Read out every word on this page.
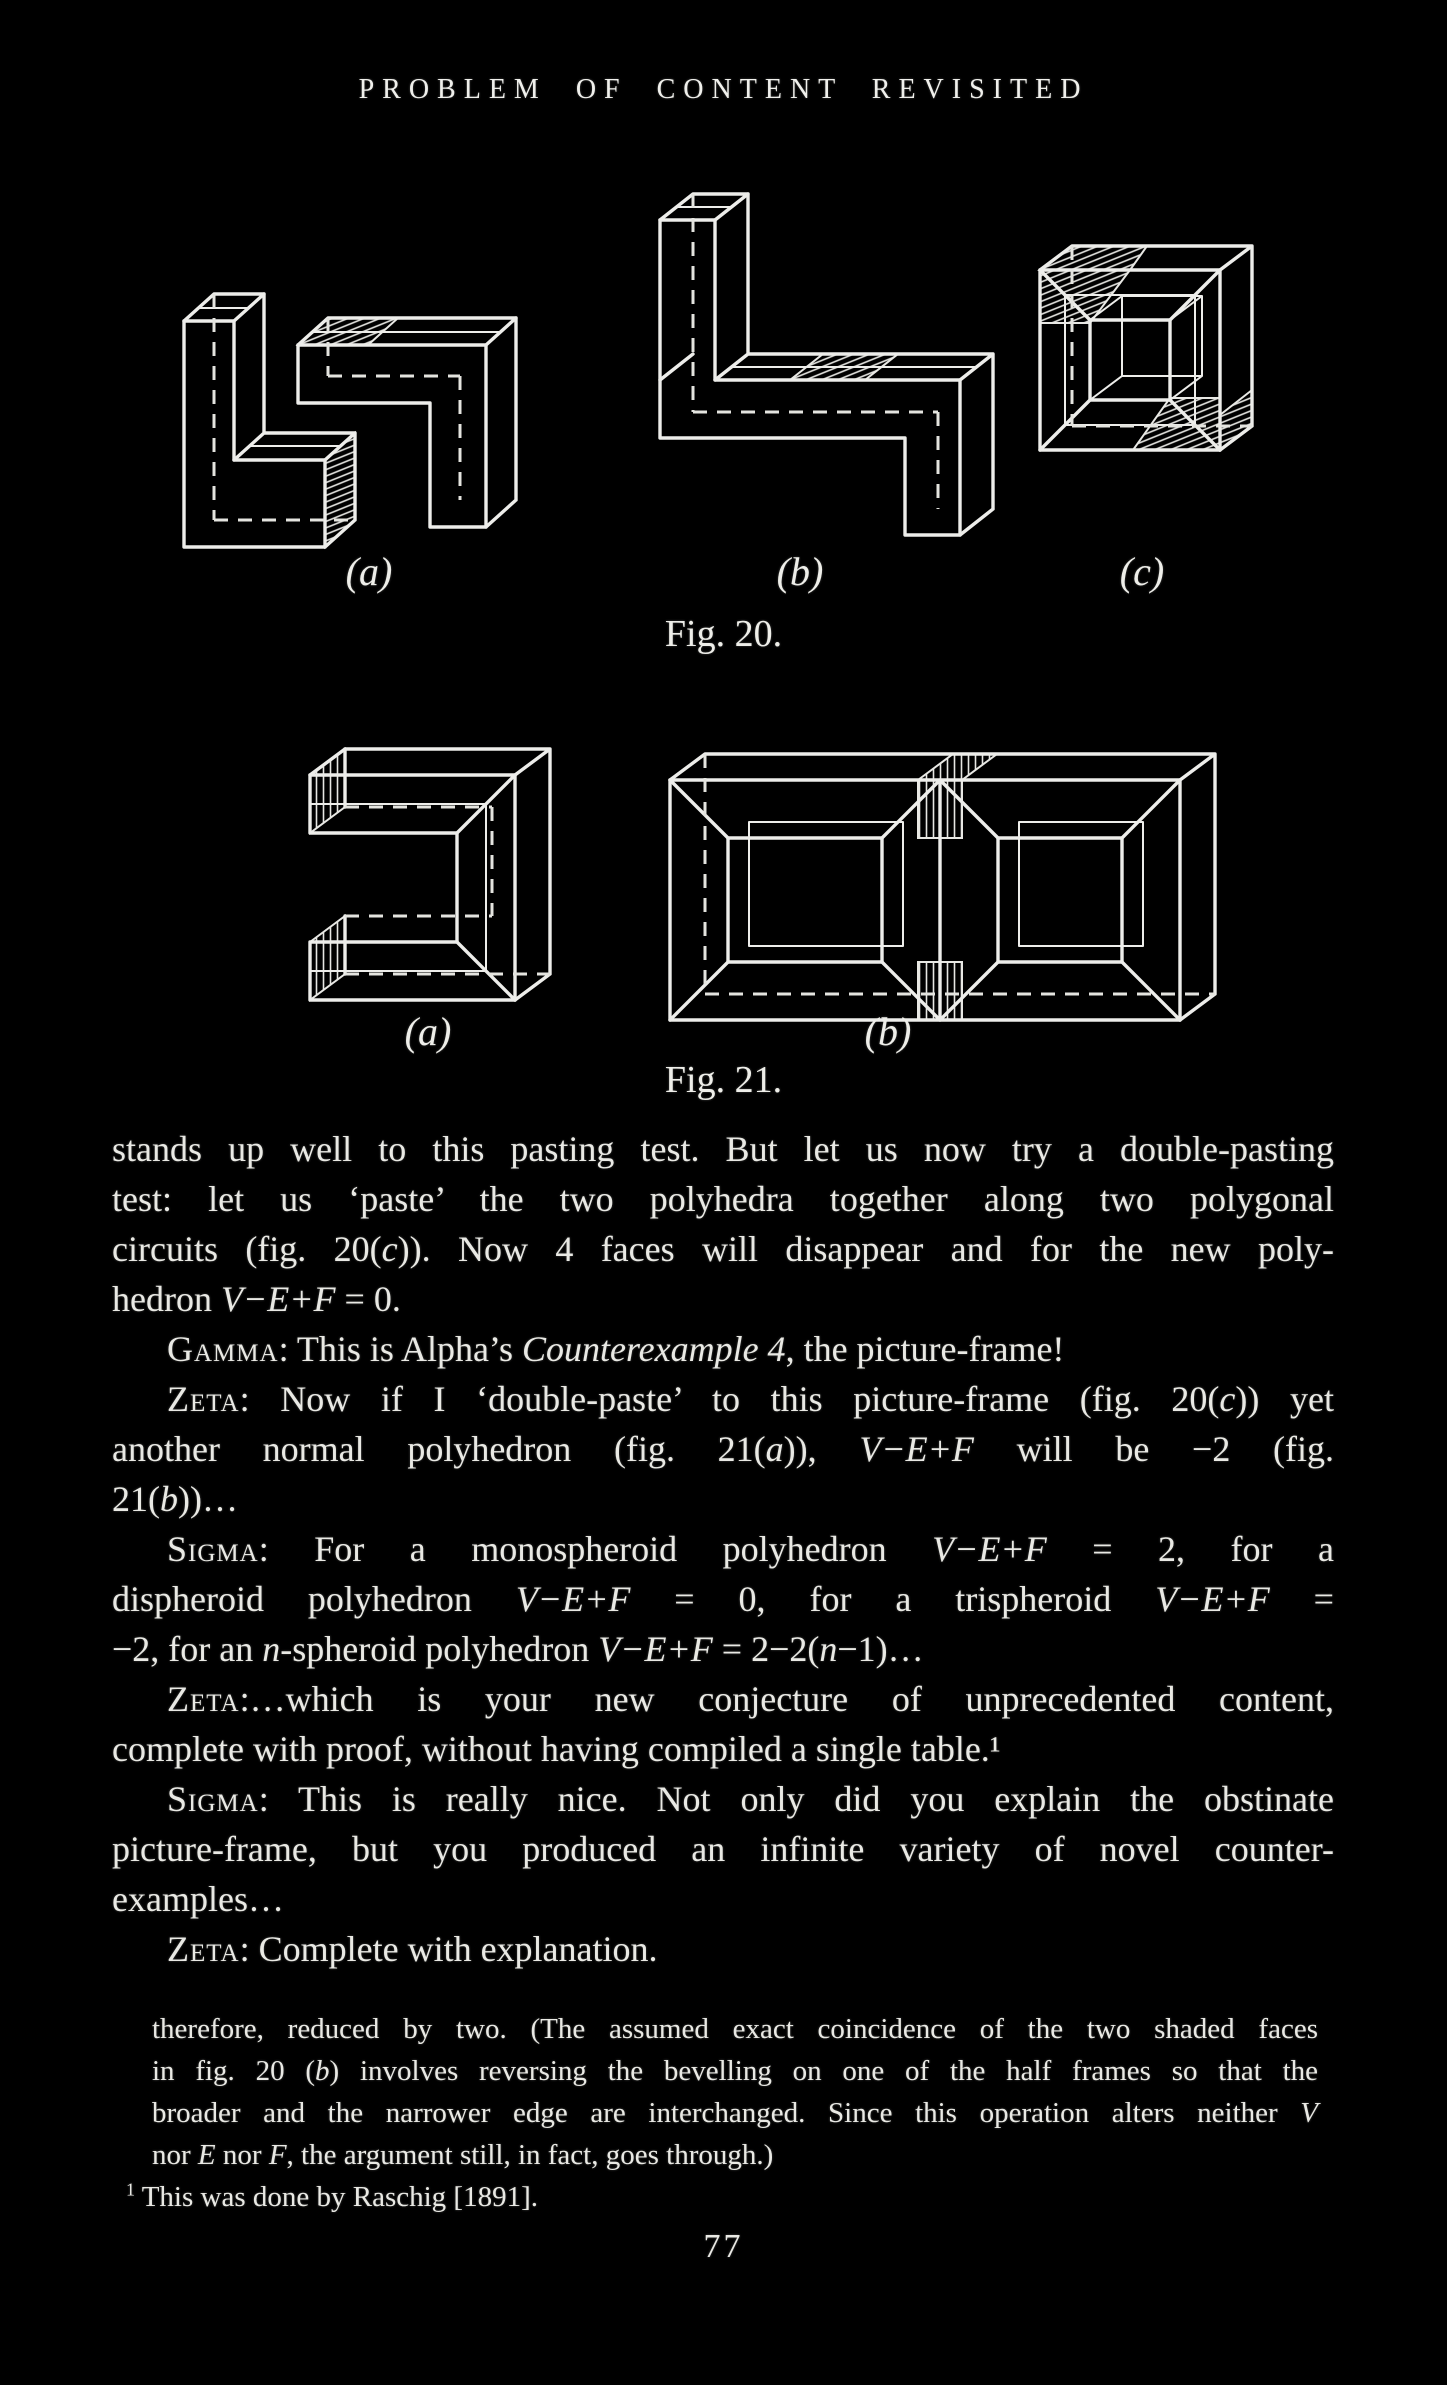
PROBLEM OF CONTENT REVISITED
(a)	(b)	(c)
Fig. 20.
(a)	(b)
Fig. 21.
stands up well to this pasting test. But let us now try a double-pasting
test: let us ‘paste’ the two polyhedra together along two polygonal
circuits (fig. 20(c)). Now 4 faces will disappear and for the new poly-
hedron V−E+F = 0.
Gamma: This is Alpha’s Counterexample 4, the picture-frame!
Zeta: Now if I ‘double-paste’ to this picture-frame (fig. 20(c)) yet
another normal polyhedron (fig. 21(a)), V−E+F will be −2 (fig.
21(b))…
Sigma: For a monospheroid polyhedron V−E+F = 2, for a
dispheroid polyhedron V−E+F = 0, for a trispheroid V−E+F =
−2, for an n-spheroid polyhedron V−E+F = 2−2(n−1)…
Zeta:…which is your new conjecture of unprecedented content,
complete with proof, without having compiled a single table.¹
Sigma: This is really nice. Not only did you explain the obstinate
picture-frame, but you produced an infinite variety of novel counter-
examples…
Zeta: Complete with explanation.
therefore, reduced by two. (The assumed exact coincidence of the two shaded faces
in fig. 20 (b) involves reversing the bevelling on one of the half frames so that the
broader and the narrower edge are interchanged. Since this operation alters neither V
nor E nor F, the argument still, in fact, goes through.)
$^1$ This was done by Raschig [1891].
77
